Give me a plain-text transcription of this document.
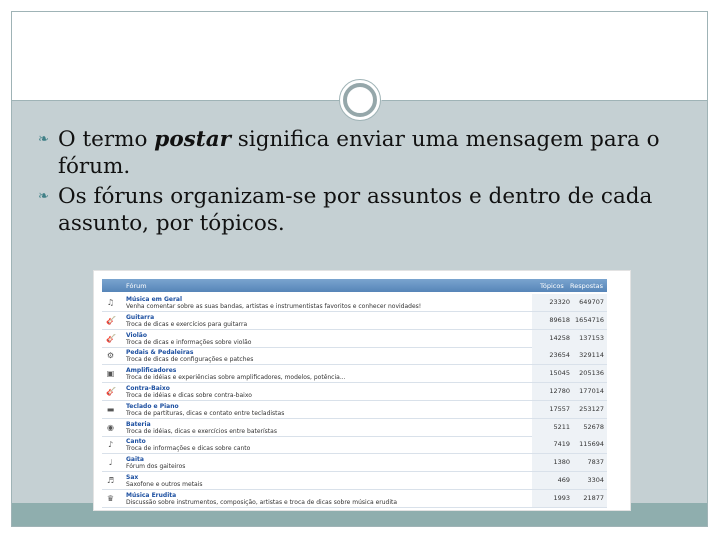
❧ O termo postar significa enviar uma mensagem para o fórum.
❧ Os fóruns organizam-se por assuntos e dentro de cada assunto, por tópicos.
Fórum	Tópicos Respostas
♫ Música em Geral
Venha comentar sobre as suas bandas, artistas e instrumentistas favoritos e conhecer novidades!
23320	649707
🎸 Guitarra
Troca de dicas e exercícios para guitarra
89618 1654716
🎸 Violão
Troca de dicas e informações sobre violão
14258	137153
⚙ Pedais & Pedaleiras
Troca de dicas de configurações e patches
23654	329114
▣ Amplificadores
Troca de idéias e experiências sobre amplificadores, modelos, potência...
15045	205136
🎸 Contra-Baixo
Troca de idéias e dicas sobre contra-baixo
12780	177014
▬ Teclado e Piano
Troca de partituras, dicas e contato entre tecladistas
17557	253127
◉ Bateria
Troca de idéias, dicas e exercícios entre baterístas
5211	52678
♪	Canto
Troca de informações e dicas sobre canto
7419	115694
♩	Gaita
Fórum dos gaiteiros
1380	7837
♬ Sax
Saxofone e outros metais
469	3304
♛ Música Erudita
Discussão sobre instrumentos, composição, artistas e troca de dicas sobre música erudita
1993	21877
